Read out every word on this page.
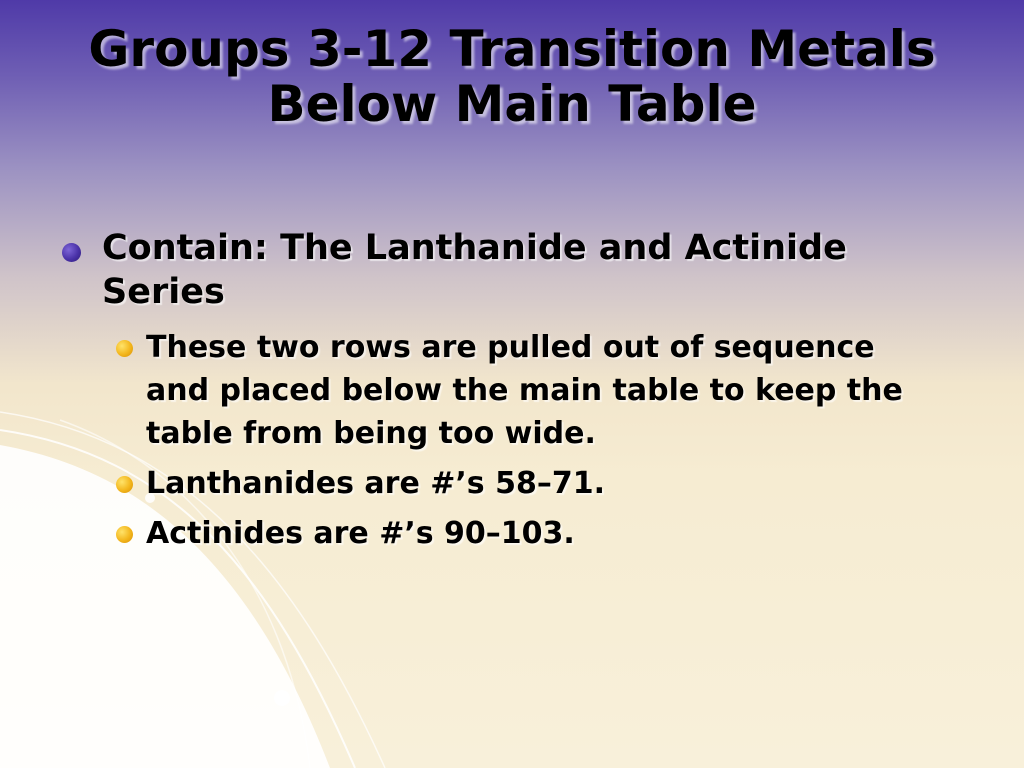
Groups 3-12 Transition Metals
Below Main Table
Contain: The Lanthanide and Actinide Series
These two rows are pulled out of sequence and placed below the main table to keep the table from being too wide.
Lanthanides are #’s 58–71.
Actinides are #’s 90–103.
